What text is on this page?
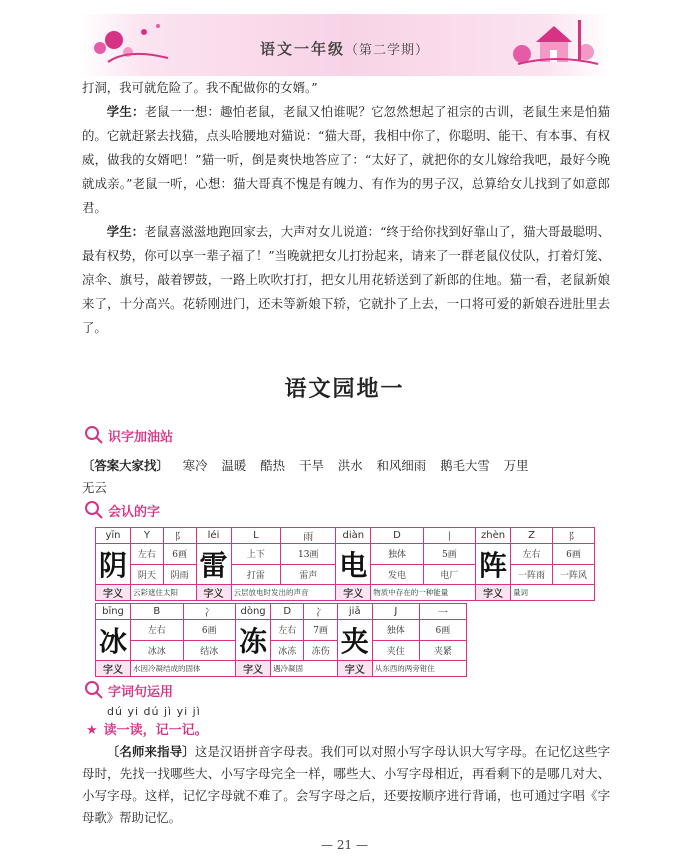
语文一年级（第二学期）

打洞，我可就危险了。我不配做你的女婿。”

学生：老鼠一一想：趣怕老鼠，老鼠又怕谁呢？它忽然想起了祖宗的古训，老鼠生来是怕猫的。它就赶紧去找猫，点头哈腰地对猫说：“猫大哥，我相中你了，你聪明、能干、有本事、有权威，做我的女婿吧！”猫一听，倒是爽快地答应了：“太好了，就把你的女儿嫁给我吧，最好今晚就成亲。”老鼠一听，心想：猫大哥真不愧是有魄力、有作为的男子汉，总算给女儿找到了如意郎君。

学生：老鼠喜滋滋地跑回家去，大声对女儿说道：“终于给你找到好靠山了，猫大哥最聪明、最有权势，你可以享一辈子福了！”当晚就把女儿打扮起来，请来了一群老鼠仪仗队，打着灯笼、凉伞、旗号，敲着锣鼓，一路上吹吹打打，把女儿用花轿送到了新郎的住地。猫一看，老鼠新娘来了，十分高兴。花轿刚进门，还未等新娘下轿，它就扑了上去，一口将可爱的新娘吞进肚里去了。

语文园地一
识字加油站
〔答案大家找〕 寒冷 温暖 酷热 干旱 洪水 和风细雨 鹅毛大雪 万里
无云
会认的字
yīn	Y	阝	léi	L	雨	diàn	D	丨	zhèn	Z	阝
阴	左右	6画	雷	上下	13画	电	独体	5画	阵	左右	6画
	阴天	阴雨		打雷	雷声		发电	电厂		一阵雨	一阵风
字义	云彩遮住太阳		字义	云层放电时发出的声音		字义	物质中存在的一种能量		字义	量词	
bīng	B	冫	dòng	D	冫	jiā	J	一
冰	左右	6画	冻	左右	7画	夹	独体	6画
	冰冰	结冰		冰冻	冻伤		夹住	夹紧
字义	水因冷凝结成的固体		字义	遇冷凝固		字义	从东西的两旁钳住	
字词句运用
dú yi dú jì yi jì
★ 读一读，记一记。

〔名师来指导〕这是汉语拼音字母表。我们可以对照小写字母认识大写字母。在记忆这些字母时，先找一找哪些大、小写字母完全一样，哪些大、小写字母相近，再看剩下的是哪几对大、小写字母。这样，记忆字母就不难了。会写字母之后，还要按顺序进行背诵，也可通过字唱《字母歌》帮助记忆。

— 21 —
